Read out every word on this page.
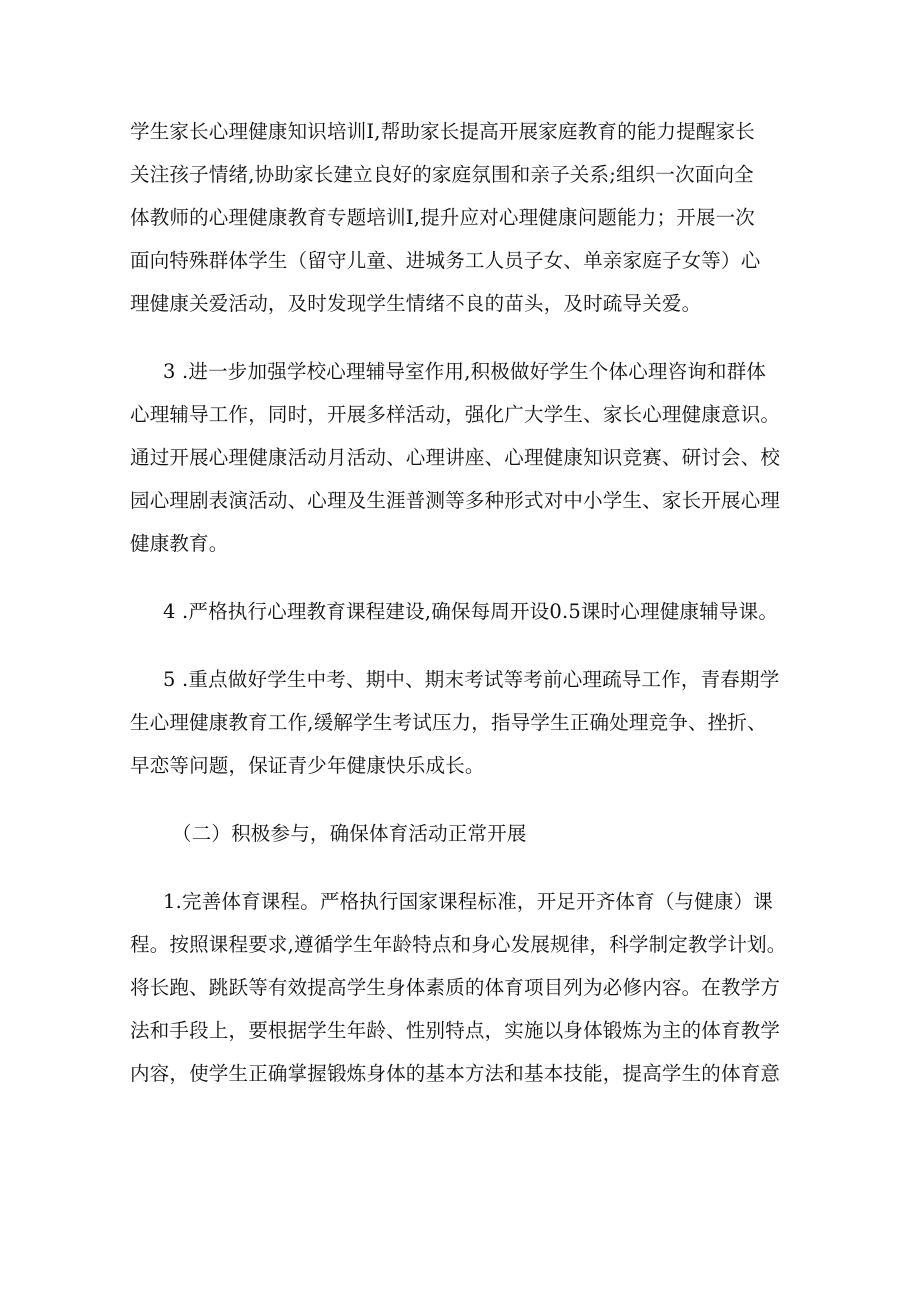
学生家长心理健康知识培训I,帮助家长提高开展家庭教育的能力提醒家长
关注孩子情绪,协助家长建立良好的家庭氛围和亲子关系;组织一次面向全
体教师的心理健康教育专题培训I,提升应对心理健康问题能力；开展一次
面向特殊群体学生（留守儿童、进城务工人员子女、单亲家庭子女等）心
理健康关爱活动，及时发现学生情绪不良的苗头，及时疏导关爱。
3 .进一步加强学校心理辅导室作用,积极做好学生个体心理咨询和群体
心理辅导工作，同时，开展多样活动，强化广大学生、家长心理健康意识。
通过开展心理健康活动月活动、心理讲座、心理健康知识竞赛、研讨会、校
园心理剧表演活动、心理及生涯普测等多种形式对中小学生、家长开展心理
健康教育。
4 .严格执行心理教育课程建设,确保每周开设0.5课时心理健康辅导课。
5 .重点做好学生中考、期中、期末考试等考前心理疏导工作，青春期学
生心理健康教育工作,缓解学生考试压力，指导学生正确处理竞争、挫折、
早恋等问题，保证青少年健康快乐成长。
（二）积极参与，确保体育活动正常开展
1.完善体育课程。严格执行国家课程标准，开足开齐体育（与健康）课
程。按照课程要求,遵循学生年龄特点和身心发展规律，科学制定教学计划。
将长跑、跳跃等有效提高学生身体素质的体育项目列为必修内容。在教学方
法和手段上，要根据学生年龄、性别特点，实施以身体锻炼为主的体育教学
内容，使学生正确掌握锻炼身体的基本方法和基本技能，提高学生的体育意
